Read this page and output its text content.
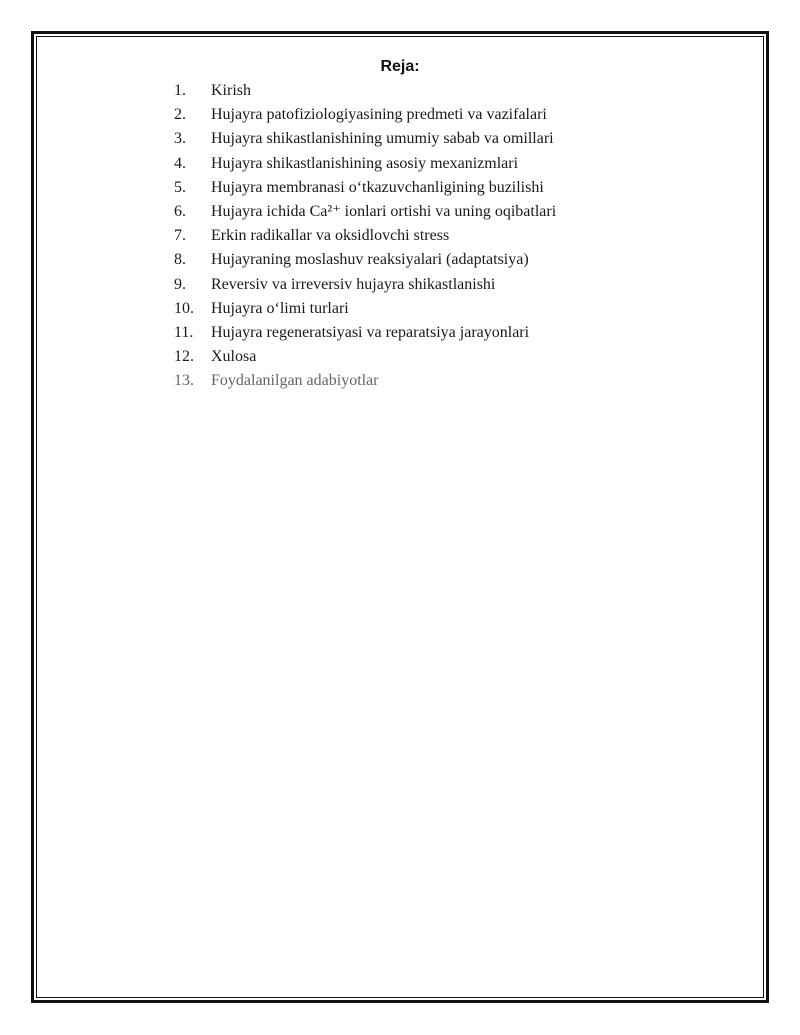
Reja:
1.	Kirish
2.	Hujayra patofiziologiyasining predmeti va vazifalari
3.	Hujayra shikastlanishining umumiy sabab va omillari
4.	Hujayra shikastlanishining asosiy mexanizmlari
5.	Hujayra membranasi o‘tkazuvchanligining buzilishi
6.	Hujayra ichida Ca²⁺ ionlari ortishi va uning oqibatlari
7.	Erkin radikallar va oksidlovchi stress
8.	Hujayraning moslashuv reaksiyalari (adaptatsiya)
9.	Reversiv va irreversiv hujayra shikastlanishi
10.	Hujayra o‘limi turlari
11.	Hujayra regeneratsiyasi va reparatsiya jarayonlari
12.	Xulosa
13.	Foydalanilgan adabiyotlar
